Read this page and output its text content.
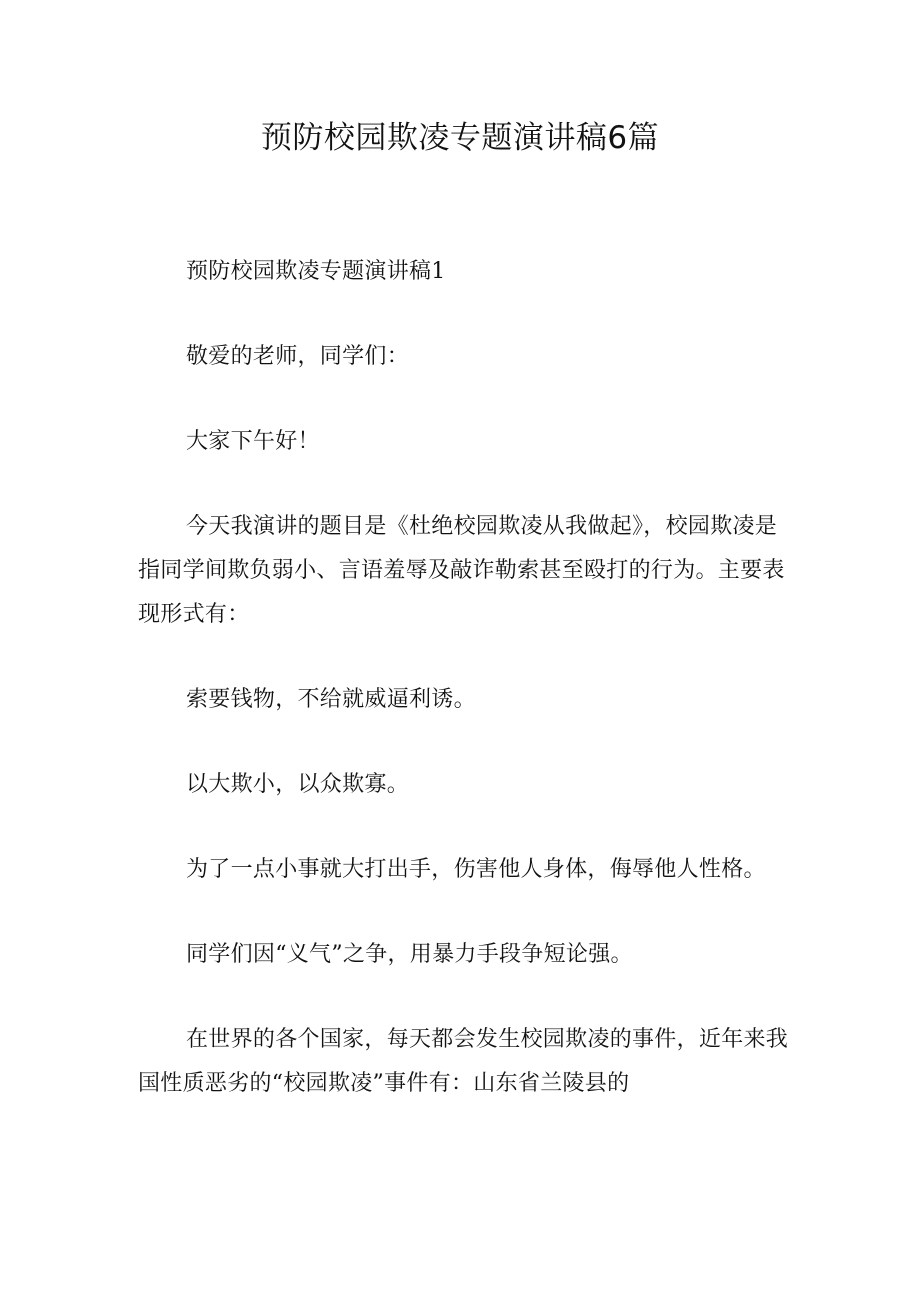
预防校园欺凌专题演讲稿6篇

预防校园欺凌专题演讲稿1

敬爱的老师，同学们：

大家下午好！

今天我演讲的题目是《杜绝校园欺凌从我做起》，校园欺凌是指同学间欺负弱小、言语羞辱及敲诈勒索甚至殴打的行为。主要表现形式有：

索要钱物，不给就威逼利诱。

以大欺小，以众欺寡。

为了一点小事就大打出手，伤害他人身体，侮辱他人性格。

同学们因“义气”之争，用暴力手段争短论强。

在世界的各个国家，每天都会发生校园欺凌的事件，近年来我国性质恶劣的“校园欺凌”事件有：山东省兰陵县的
